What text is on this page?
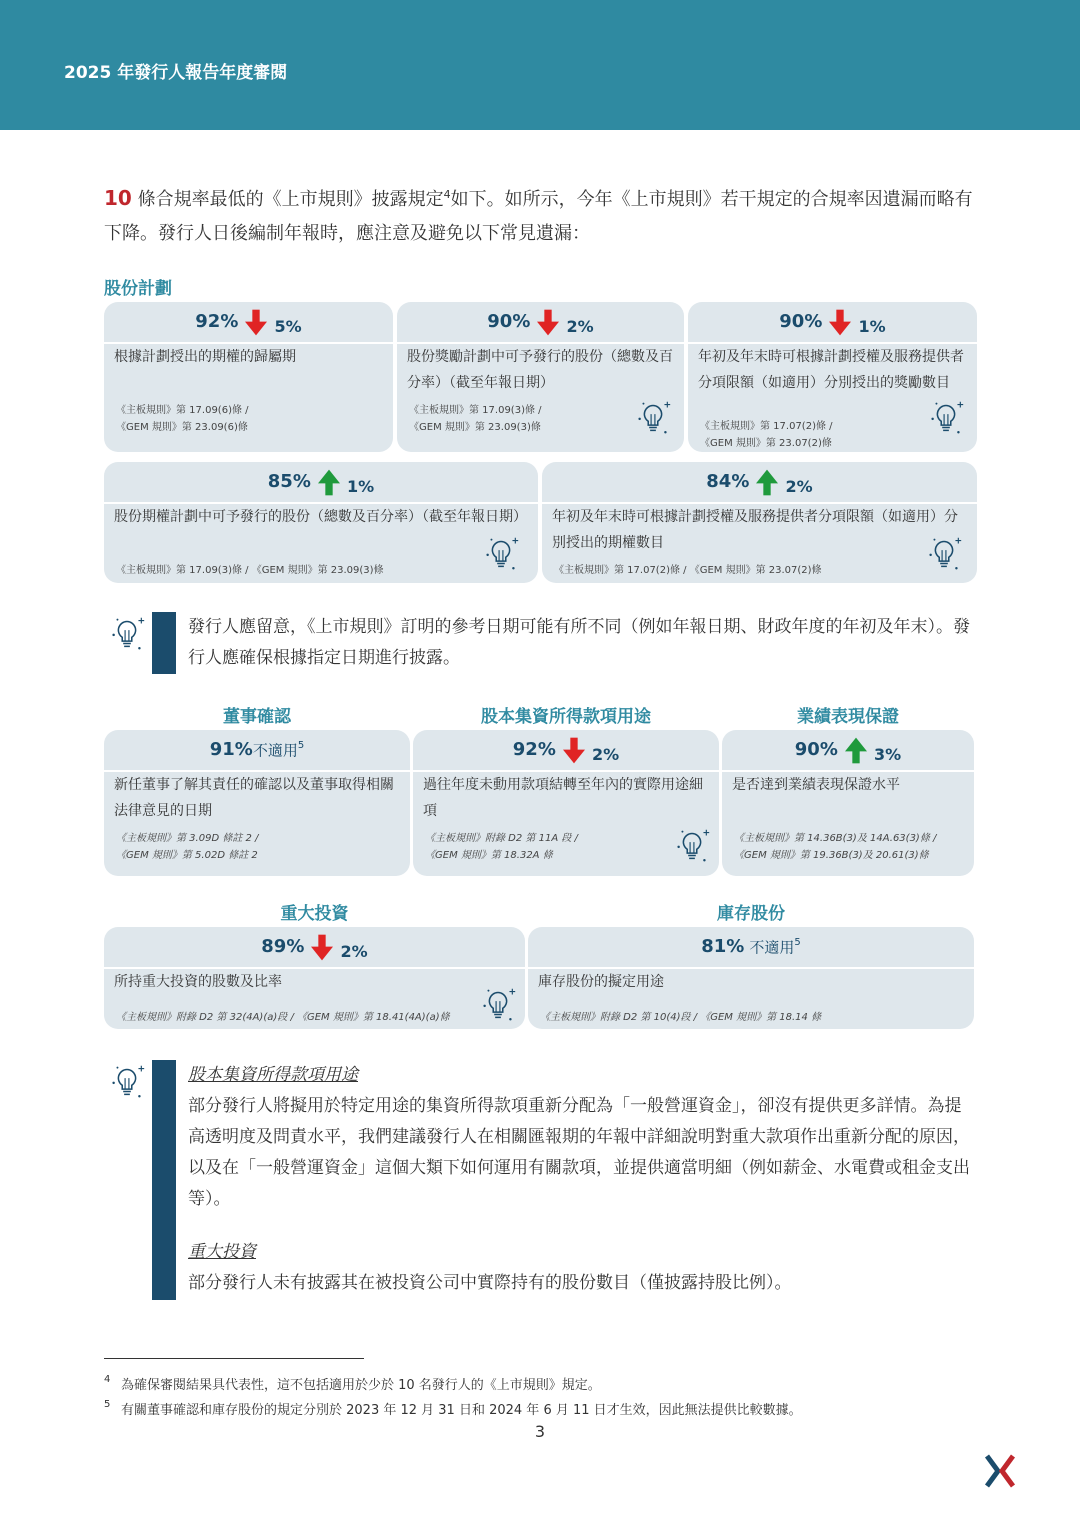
2025 年發行人報告年度審閱
10 條合規率最低的《上市規則》披露規定$^4$如下。如所示，今年《上市規則》若干規定的合規率因遺漏而略有下降。發行人日後編制年報時，應注意及避免以下常見遺漏：
股份計劃
92% 5%
根據計劃授出的期權的歸屬期
《主板規則》第 17.09(6)條 /
《GEM 規則》第 23.09(6)條
90% 2%
股份獎勵計劃中可予發行的股份（總數及百分率）（截至年報日期）
《主板規則》第 17.09(3)條 /
《GEM 規則》第 23.09(3)條
90% 1%
年初及年末時可根據計劃授權及服務提供者分項限額（如適用）分別授出的獎勵數目
《主板規則》第 17.07(2)條 /
《GEM 規則》第 23.07(2)條
85% 1%
股份期權計劃中可予發行的股份（總數及百分率）（截至年報日期）
《主板規則》第 17.09(3)條 / 《GEM 規則》第 23.09(3)條
84% 2%
年初及年末時可根據計劃授權及服務提供者分項限額（如適用）分別授出的期權數目
《主板規則》第 17.07(2)條 / 《GEM 規則》第 23.07(2)條
發行人應留意，《上市規則》訂明的參考日期可能有所不同（例如年報日期、財政年度的年初及年末）。發行人應確保根據指定日期進行披露。
董事確認	股本集資所得款項用途	業績表現保證
91%不適用$^5$
新任董事了解其責任的確認以及董事取得相關法律意見的日期
《主板規則》第 3.09D 條註 2 /
《GEM 規則》第 5.02D 條註 2
92% 2%
過往年度未動用款項結轉至年內的實際用途細項
《主板規則》附錄 D2 第 11A 段 /
《GEM 規則》第 18.32A 條
90% 3%
是否達到業績表現保證水平
《主板規則》第 14.36B(3)及 14A.63(3)條 /
《GEM 規則》第 19.36B(3)及 20.61(3)條
重大投資	庫存股份
89% 2%
所持重大投資的股數及比率
《主板規則》附錄 D2 第 32(4A)(a)段 / 《GEM 規則》第 18.41(4A)(a)條
81% 不適用$^5$
庫存股份的擬定用途
《主板規則》附錄 D2 第 10(4)段 / 《GEM 規則》第 18.14 條
股本集資所得款項用途
部分發行人將擬用於特定用途的集資所得款項重新分配為「一般營運資金」，卻沒有提供更多詳情。為提高透明度及問責水平，我們建議發行人在相關匯報期的年報中詳細說明對重大款項作出重新分配的原因，以及在「一般營運資金」這個大類下如何運用有關款項，並提供適當明細（例如薪金、水電費或租金支出等）。
重大投資
部分發行人未有披露其在被投資公司中實際持有的股份數目（僅披露持股比例）。
4 為確保審閱結果具代表性，這不包括適用於少於 10 名發行人的《上市規則》規定。
5 有關董事確認和庫存股份的規定分別於 2023 年 12 月 31 日和 2024 年 6 月 11 日才生效，因此無法提供比較數據。
3
